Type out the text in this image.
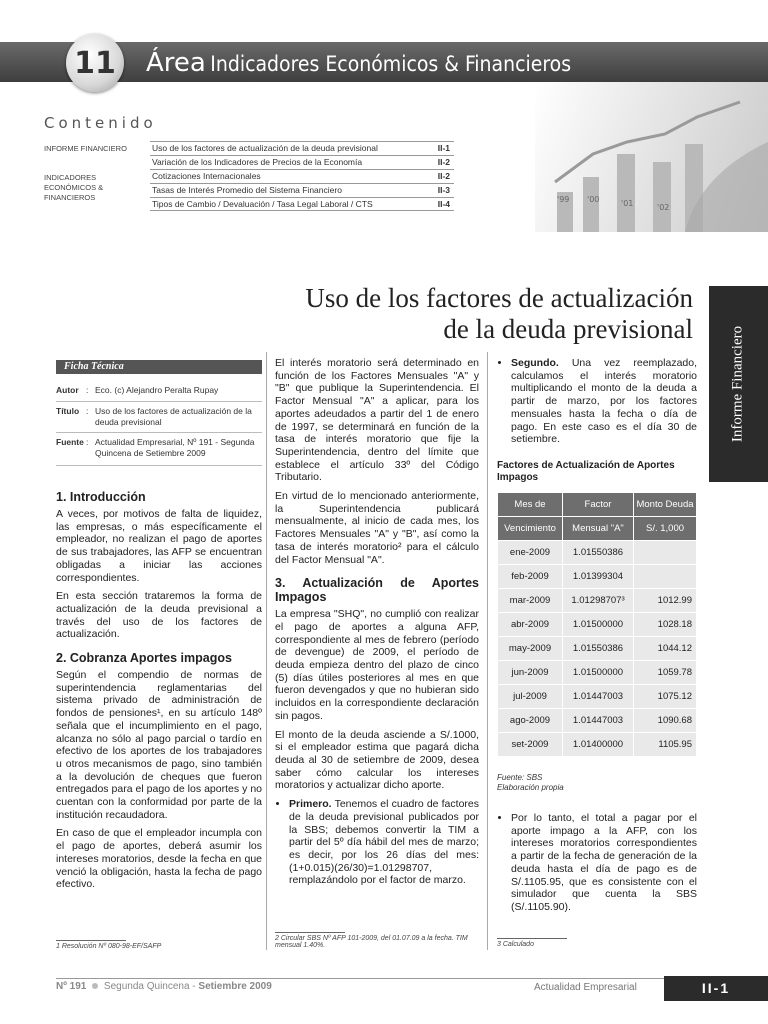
11	Área Indicadores Económicos & Financieros
'99 '00	'01	'02
Contenido
INFORME FINANCIERO
INDICADORES ECONÓMICOS & FINANCIEROS
Uso de los factores de actualización de la deuda previsional	II-1
Variación de los Indicadores de Precios de la Economía	II-2
Cotizaciones Internacionales	II-2
Tasas de Interés Promedio del Sistema Financiero	II-3
Tipos de Cambio / Devaluación / Tasa Legal Laboral / CTS	II-4
Uso de los factores de actualización
de la deuda previsional Informe Financiero
Ficha Técnica
Autor : Eco. (c) Alejandro Peralta Rupay
Título : Uso de los factores de actualización de la deuda previsional
Fuente : Actualidad Empresarial, Nº 191 - Segunda Quincena de Setiembre 2009
1. Introducción

A veces, por motivos de falta de liquidez, las empresas, o más específicamente el empleador, no realizan el pago de aportes de sus trabajadores, las AFP se encuentran obligadas a iniciar las acciones correspondientes.

En esta sección trataremos la forma de actualización de la deuda previsional a través del uso de los factores de actualización.

2. Cobranza Aportes impagos

Según el compendio de normas de superintendencia reglamentarias del sistema privado de administración de fondos de pensiones¹, en su artículo 148º señala que el incumplimiento en el pago, alcanza no sólo al pago parcial o tardío en efectivo de los aportes de los trabajadores u otros mecanismos de pago, sino también a la devolución de cheques que fueron entregados para el pago de los aportes y no cuentan con la conformidad por parte de la institución recaudadora.

En caso de que el empleador incumpla con el pago de aportes, deberá asumir los intereses moratorios, desde la fecha en que venció la obligación, hasta la fecha de pago efectivo.

1 Resolución Nº 080-98-EF/SAFP

El interés moratorio será determinado en función de los Factores Mensuales "A" y "B" que publique la Superintendencia. El Factor Mensual "A" a aplicar, para los aportes adeudados a partir del 1 de enero de 1997, se determinará en función de la tasa de interés moratorio que fije la Superintendencia, dentro del límite que establece el artículo 33º del Código Tributario.

En virtud de lo mencionado anteriormente, la Superintendencia publicará mensualmente, al inicio de cada mes, los Factores Mensuales "A" y "B", así como la tasa de interés moratorio² para el cálculo del Factor Mensual "A".

3. Actualización de Aportes Impagos

La empresa "SHQ", no cumplió con realizar el pago de aportes a alguna AFP, correspondiente al mes de febrero (período de devengue) de 2009, el período de deuda empieza dentro del plazo de cinco (5) días útiles posteriores al mes en que fueron devengados y que no hubieran sido incluidos en la correspondiente declaración sin pagos.

El monto de la deuda asciende a S/.1000, si el empleador estima que pagará dicha deuda al 30 de setiembre de 2009, desea saber cómo calcular los intereses moratorios y actualizar dicho aporte.

• Primero. Tenemos el cuadro de factores de la deuda previsional publicados por la SBS; debemos convertir la TIM a partir del 5º día hábil del mes de marzo; es decir, por los 26 días del mes: (1+0.015)(26/30)=1.01298707, remplazándolo por el factor de marzo.
2 Circular SBS Nº AFP 101-2009, del 01.07.09 a la fecha. TIM mensual 1.40%.
• Segundo. Una vez reemplazado, calculamos el interés moratorio multiplicando el monto de la deuda a partir de marzo, por los factores mensuales hasta la fecha o día de pago. En este caso es el día 30 de setiembre.
Factores de Actualización de Aportes Impagos
Mes de	Factor	Monto Deuda
Vencimiento	Mensual "A"	S/. 1,000
ene-2009	1.01550386	
feb-2009	1.01399304	
mar-2009	1.01298707³	1012.99
abr-2009	1.01500000	1028.18
may-2009	1.01550386	1044.12
jun-2009	1.01500000	1059.78
jul-2009	1.01447003	1075.12
ago-2009	1.01447003	1090.68
set-2009	1.01400000	1105.95
Fuente: SBS
Elaboración propia
• Por lo tanto, el total a pagar por el aporte impago a la AFP, con los intereses moratorios correspondientes a partir de la fecha de generación de la deuda hasta el día de pago es de S/.1105.95, que es consistente con el simulador que cuenta la SBS (S/.1105.90).
3 Calculado
Nº 191 Segunda Quincena - Setiembre 2009	Actualidad Empresarial	II-1
